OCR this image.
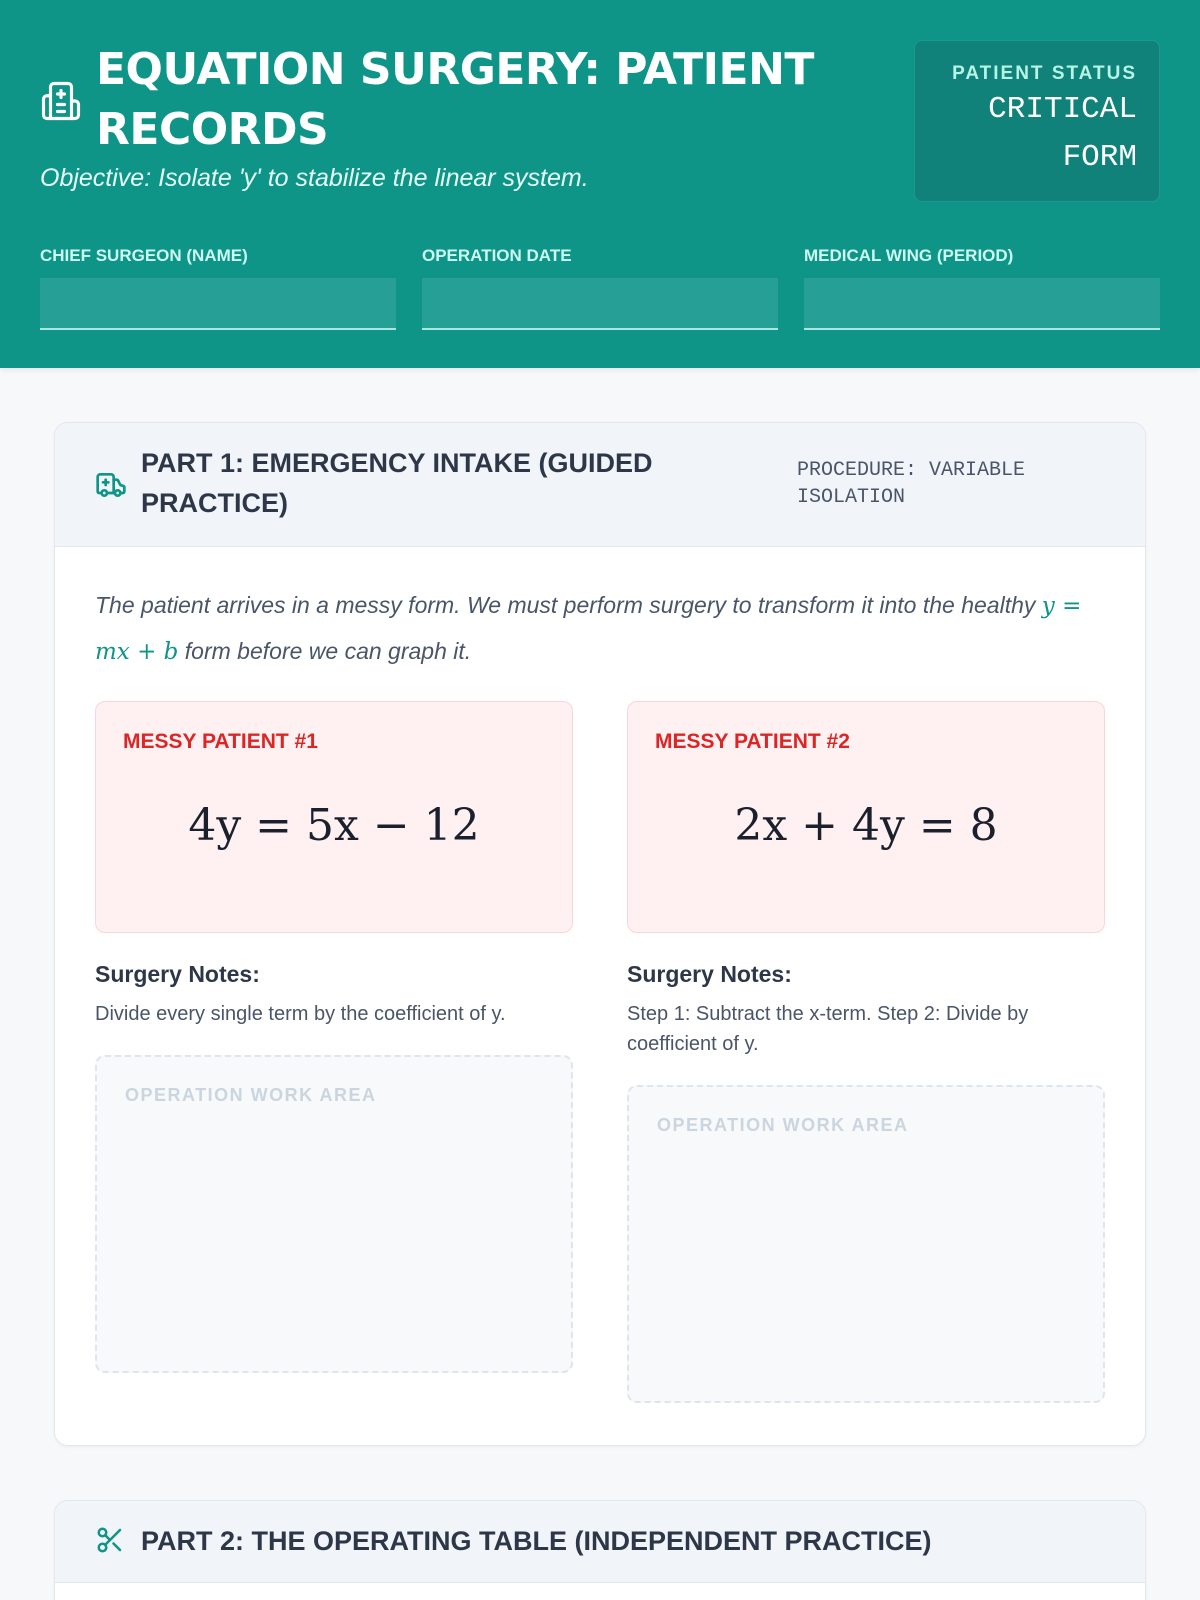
EQUATION SURGERY: PATIENT RECORDS
Objective: Isolate 'y' to stabilize the linear system.
PATIENT STATUS
CRITICAL
FORM
CHIEF SURGEON (NAME)	OPERATION DATE	MEDICAL WING (PERIOD)
PART 1: EMERGENCY INTAKE (GUIDED PRACTICE)
PROCEDURE: VARIABLE ISOLATION
The patient arrives in a messy form. We must perform surgery to transform it into the healthy y = mx + b form before we can graph it.
MESSY PATIENT #1
4y = 5x − 12
Surgery Notes:
Divide every single term by the coefficient of y.
OPERATION WORK AREA
MESSY PATIENT #2
2x + 4y = 8
Surgery Notes:
Step 1: Subtract the x-term. Step 2: Divide by coefficient of y.
OPERATION WORK AREA
PART 2: THE OPERATING TABLE (INDEPENDENT PRACTICE)
